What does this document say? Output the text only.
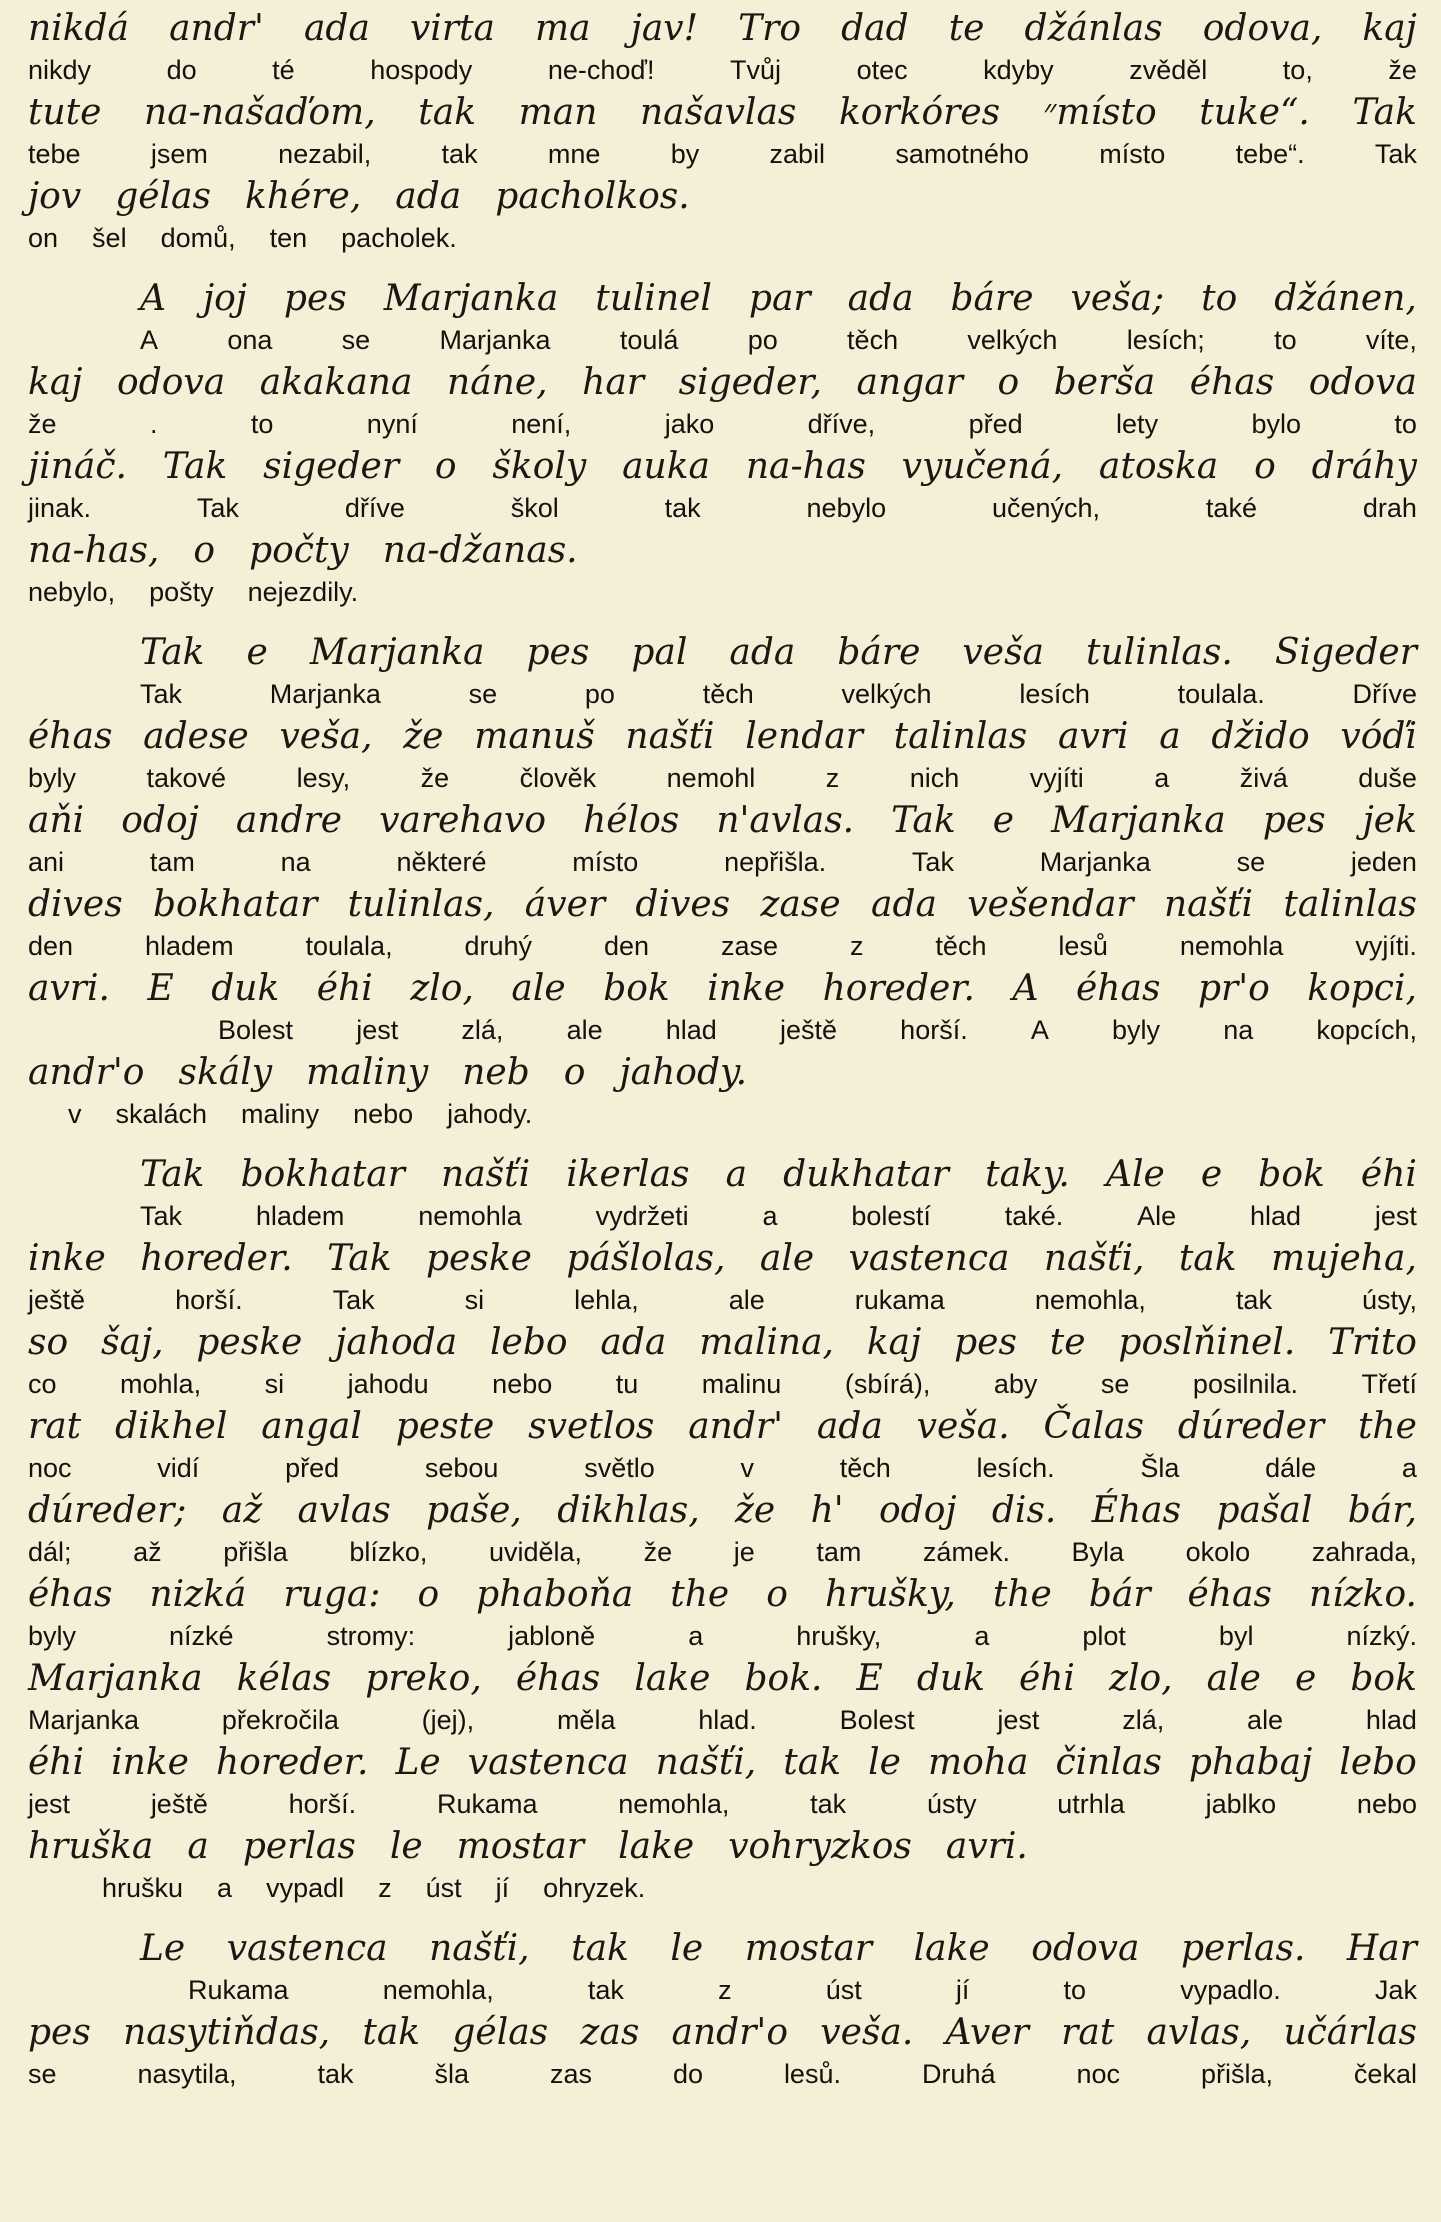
nikdá andr' ada virta ma jav! Tro dad te džánlas odova, kaj
nikdy	do	té	hospody	ne-choď!	Tvůj	otec	kdyby	zvěděl	to,	že
tute na-našaďom, tak man našavlas korkóres ״místo tuke“. Tak
tebe	jsem	nezabil,	tak	mne	by	zabil	samotného	místo	tebe“.	Tak
jov gélas khére, ada pacholkos.
on šel domů, ten pacholek.
A joj pes Marjanka tulinel par ada báre veša; to džánen,
A	ona	se	Marjanka	toulá	po	těch	velkých	lesích;	to	víte,
kaj odova akakana náne, har sigeder, angar o berša éhas odova
že	.	to	nyní	není,	jako	dříve,	před	lety	bylo	to
jináč. Tak sigeder o školy auka na-has vyučená, atoska o dráhy
jinak.	Tak	dříve	škol	tak	nebylo	učených,	také	drah
na-has, o počty na-džanas.
nebylo, pošty nejezdily.
Tak e Marjanka pes pal ada báre veša tulinlas. Sigeder
Tak	Marjanka	se	po	těch	velkých	lesích	toulala.	Dříve
éhas adese veša, že manuš našťi lendar talinlas avri a džido vóďi
byly	takové	lesy,	že	člověk	nemohl	z	nich	vyjíti	a	živá	duše
aňi odoj andre varehavo hélos n'avlas. Tak e Marjanka pes jek
ani	tam	na	některé	místo	nepřišla.	Tak	Marjanka	se	jeden
dives bokhatar tulinlas, áver dives zase ada vešendar našťi talinlas
den	hladem	toulala,	druhý	den	zase	z	těch	lesů	nemohla	vyjíti.
avri. E duk éhi zlo, ale bok inke horeder. A éhas pr'o kopci,
Bolest jest zlá, ale hlad ještě horší. A byly na kopcích,
andr'o skály maliny neb o jahody.
v skalách maliny nebo jahody.
Tak bokhatar našťi ikerlas a dukhatar taky. Ale e bok éhi
Tak	hladem	nemohla	vydržeti	a	bolestí	také.	Ale	hlad	jest
inke horeder. Tak peske pášlolas, ale vastenca našťi, tak mujeha,
ještě	horší.	Tak	si	lehla,	ale	rukama	nemohla,	tak	ústy,
so šaj, peske jahoda lebo ada malina, kaj pes te poslňinel. Trito
co mohla, si jahodu nebo tu malinu (sbírá), aby se posilnila. Třetí
rat dikhel angal peste svetlos andr' ada veša. Čalas dúreder the
noc	vidí	před	sebou	světlo	v	těch	lesích.	Šla	dále	a
dúreder; až avlas paše, dikhlas, že h' odoj dis. Éhas pašal bár,
dál; až přišla blízko, uviděla, že je tam zámek. Byla okolo zahrada,
éhas nizká ruga: o phaboňa the o hrušky, the bár éhas nízko.
byly	nízké	stromy:	jabloně	a	hrušky,	a	plot	byl	nízký.
Marjanka kélas preko, éhas lake bok. E duk éhi zlo, ale e bok
Marjanka	překročila	(jej),	měla	hlad.	Bolest	jest	zlá,	ale	hlad
éhi inke horeder. Le vastenca našťi, tak le moha činlas phabaj lebo
jest	ještě	horší.	Rukama	nemohla,	tak	ústy	utrhla	jablko	nebo
hruška a perlas le mostar lake vohryzkos avri.
hrušku a vypadl z úst jí ohryzek.
Le vastenca našťi, tak le mostar lake odova perlas. Har
Rukama	nemohla,	tak	z	úst	jí	to	vypadlo.	Jak
pes nasytiňdas, tak gélas zas andr'o veša. Aver rat avlas, učárlas
se	nasytila,	tak	šla	zas	do	lesů.	Druhá	noc	přišla,	čekal
